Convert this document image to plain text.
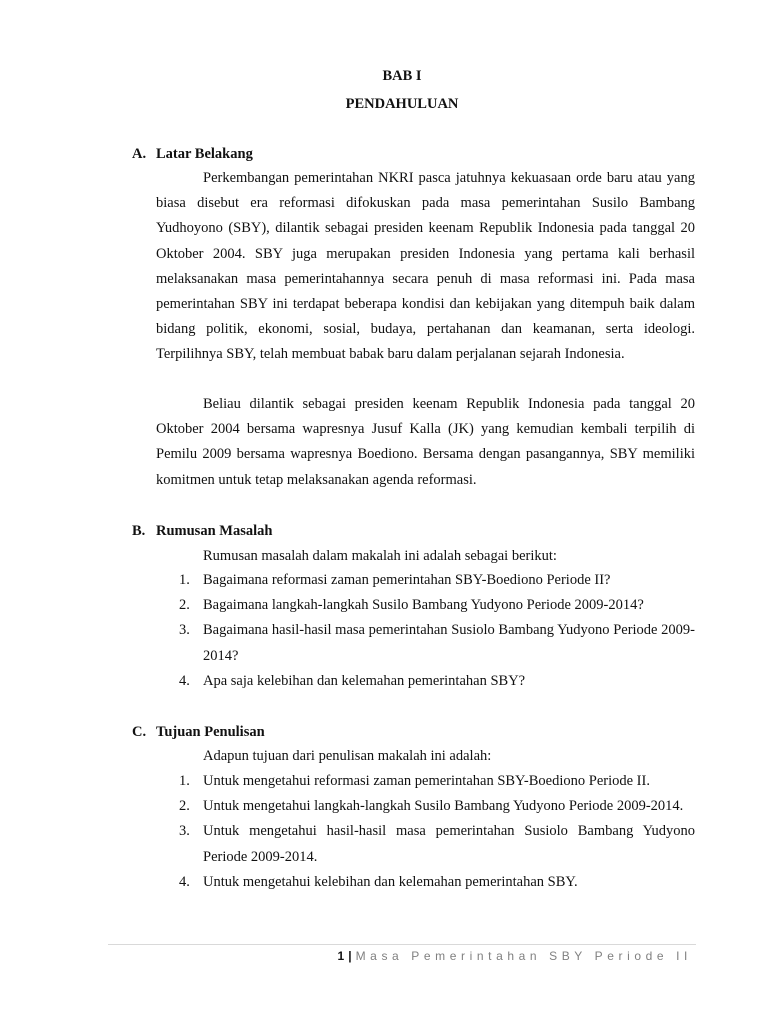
BAB I
PENDAHULUAN
A. Latar Belakang

Perkembangan pemerintahan NKRI pasca jatuhnya kekuasaan orde baru atau yang biasa disebut era reformasi difokuskan pada masa pemerintahan Susilo Bambang Yudhoyono (SBY), dilantik sebagai presiden keenam Republik Indonesia pada tanggal 20 Oktober 2004. SBY juga merupakan presiden Indonesia yang pertama kali berhasil melaksanakan masa pemerintahannya secara penuh di masa reformasi ini. Pada masa pemerintahan SBY ini terdapat beberapa kondisi dan kebijakan yang ditempuh baik dalam bidang politik, ekonomi, sosial, budaya, pertahanan dan keamanan, serta ideologi. Terpilihnya SBY, telah membuat babak baru dalam perjalanan sejarah Indonesia.

Beliau dilantik sebagai presiden keenam Republik Indonesia pada tanggal 20 Oktober 2004 bersama wapresnya Jusuf Kalla (JK) yang kemudian kembali terpilih di Pemilu 2009 bersama wapresnya Boediono. Bersama dengan pasangannya, SBY memiliki komitmen untuk tetap melaksanakan agenda reformasi.

B. Rumusan Masalah
Rumusan masalah dalam makalah ini adalah sebagai berikut:
1. Bagaimana reformasi zaman pemerintahan SBY-Boediono Periode II?
2. Bagaimana langkah-langkah Susilo Bambang Yudyono Periode 2009-2014?
3. Bagaimana hasil-hasil masa pemerintahan Susiolo Bambang Yudyono Periode 2009-2014?
4. Apa saja kelebihan dan kelemahan pemerintahan SBY?
C. Tujuan Penulisan
Adapun tujuan dari penulisan makalah ini adalah:
1. Untuk mengetahui reformasi zaman pemerintahan SBY-Boediono Periode II.
2. Untuk mengetahui langkah-langkah Susilo Bambang Yudyono Periode 2009-2014.
3. Untuk mengetahui hasil-hasil masa pemerintahan Susiolo Bambang Yudyono Periode 2009-2014.
4. Untuk mengetahui kelebihan dan kelemahan pemerintahan SBY.
1 | Masa Pemerintahan SBY Periode II
